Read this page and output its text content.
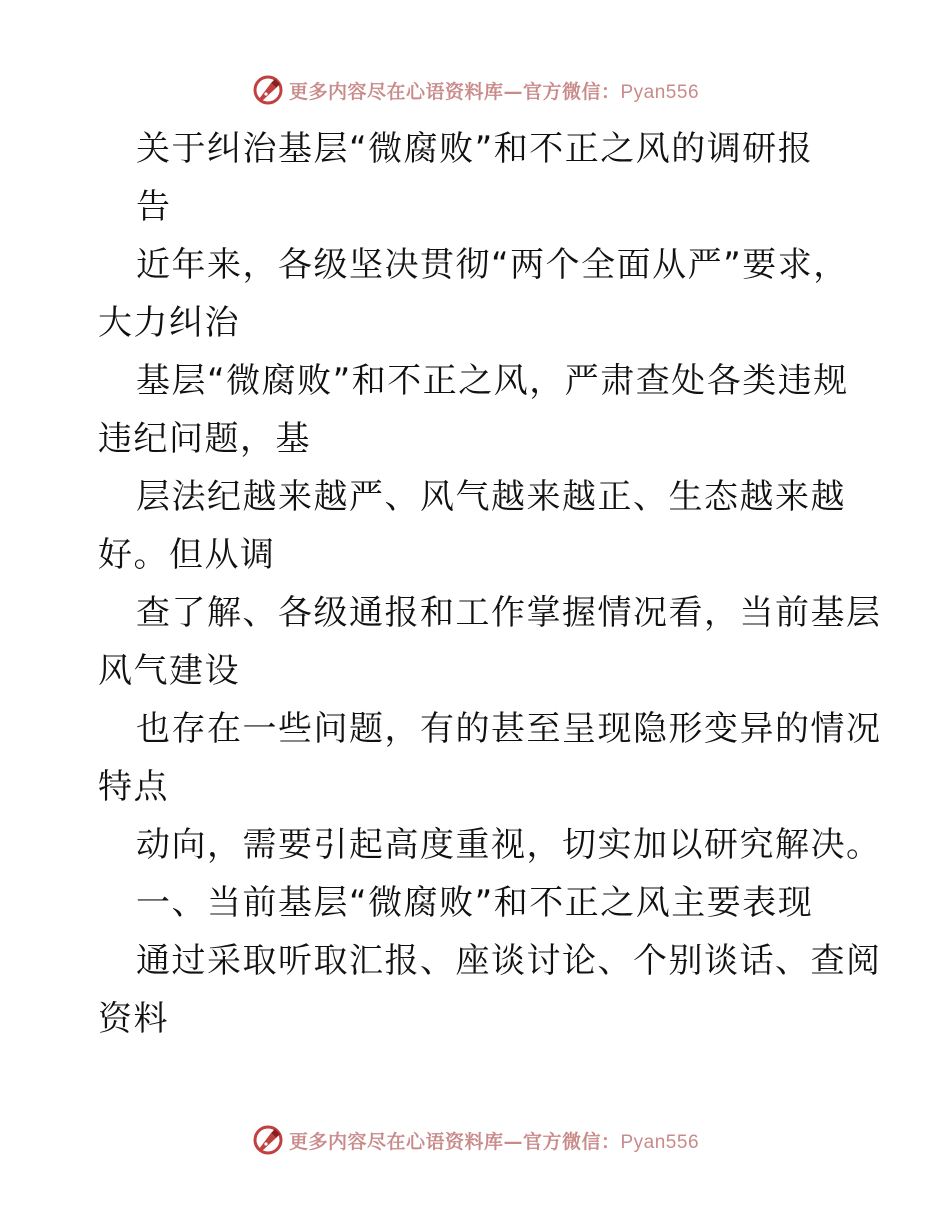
更多内容尽在心语资料库—官方微信：Pyan556
关于纠治基层“微腐败”和不正之风的调研报
告
近年来，各级坚决贯彻“两个全面从严”要求，
大力纠治
基层“微腐败”和不正之风，严肃查处各类违规
违纪问题，基
层法纪越来越严、风气越来越正、生态越来越
好。但从调
查了解、各级通报和工作掌握情况看，当前基层
风气建设
也存在一些问题，有的甚至呈现隐形变异的情况
特点
动向，需要引起高度重视，切实加以研究解决。
一、当前基层“微腐败”和不正之风主要表现
通过采取听取汇报、座谈讨论、个别谈话、查阅
资料
更多内容尽在心语资料库—官方微信：Pyan556
